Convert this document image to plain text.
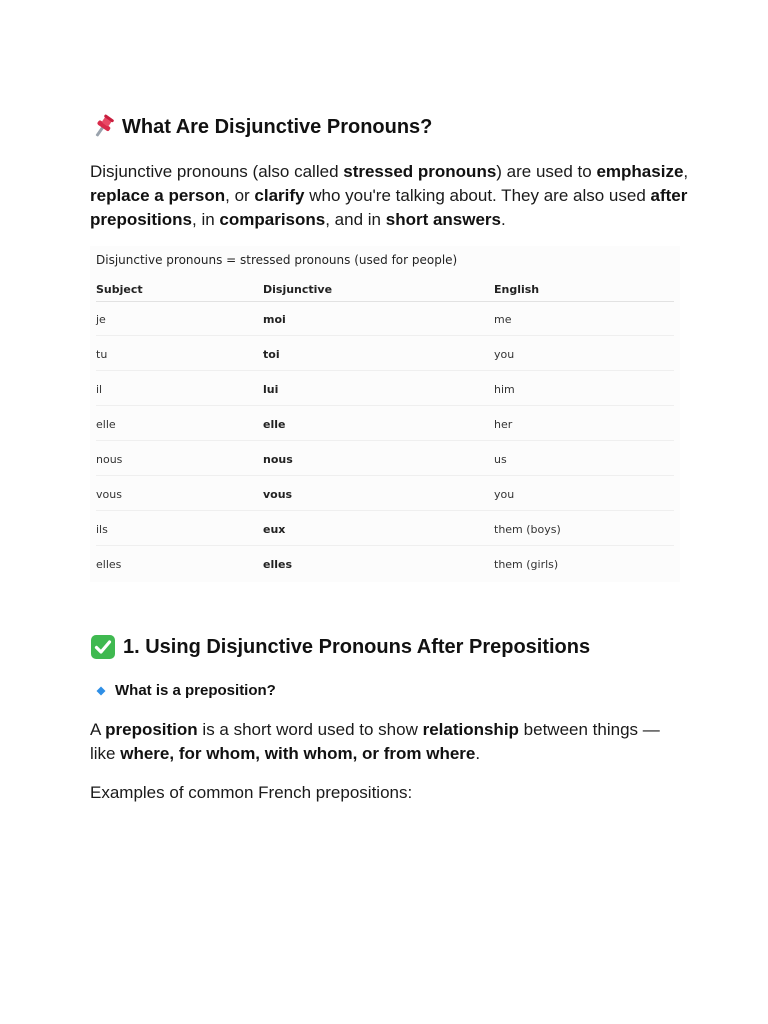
What Are Disjunctive Pronouns?
Disjunctive pronouns (also called stressed pronouns) are used to emphasize, replace a person, or clarify who you're talking about. They are also used after prepositions, in comparisons, and in short answers.
Disjunctive pronouns = stressed pronouns (used for people)
Subject	Disjunctive	English
je	moi	me
tu	toi	you
il	lui	him
elle	elle	her
nous	nous	us
vous	vous	you
ils	eux	them (boys)
elles	elles	them (girls)
1. Using Disjunctive Pronouns After Prepositions
What is a preposition?
A preposition is a short word used to show relationship between things — like where, for whom, with whom, or from where.
Examples of common French prepositions:
